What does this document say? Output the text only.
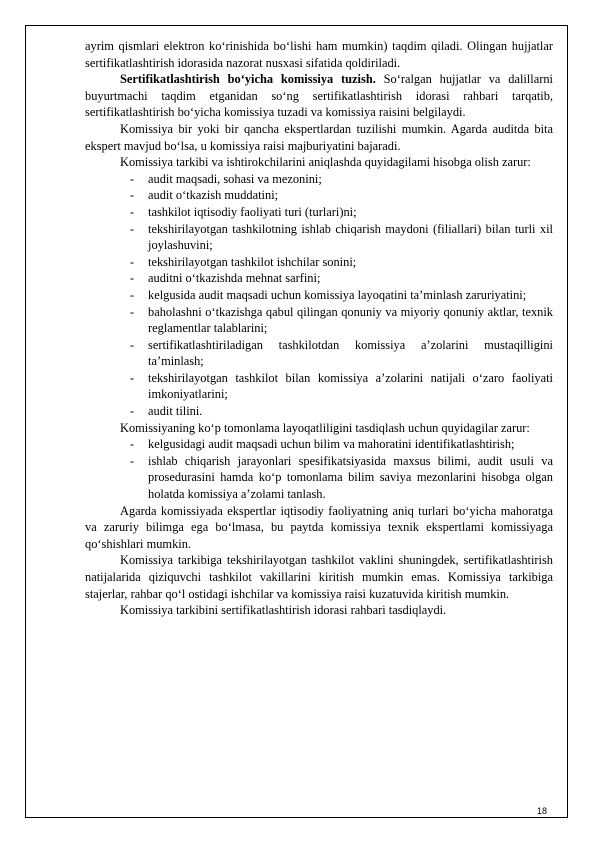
ayrim qismlari elektron ko‘rinishida bo‘lishi ham mumkin) taqdim qiladi. Olingan hujjatlar sertifikatlashtirish idorasida nazorat nusxasi sifatida qoldiriladi.

Sertifikatlashtirish bo‘yicha komissiya tuzish. So‘ralgan hujjatlar va dalillarni buyurtmachi taqdim etganidan so‘ng sertifikatlashtirish idorasi rahbari tarqatib, sertifikatlashtirish bo‘yicha komissiya tuzadi va komissiya raisini belgilaydi.

Komissiya bir yoki bir qancha ekspertlardan tuzilishi mumkin. Agarda auditda bita ekspert mavjud bo‘lsa, u komissiya raisi majburiyatini bajaradi.

Komissiya tarkibi va ishtirokchilarini aniqlashda quyidagilami hisobga olish zarur:

- audit maqsadi, sohasi va mezonini;
- audit o‘tkazish muddatini;
- tashkilot iqtisodiy faoliyati turi (turlari)ni;
- tekshirilayotgan tashkilotning ishlab chiqarish maydoni (filiallari) bilan turli xil joylashuvini;
- tekshirilayotgan tashkilot ishchilar sonini;
- auditni o‘tkazishda mehnat sarfini;
- kelgusida audit maqsadi uchun komissiya layoqatini ta’minlash zaruriyatini;
- baholashni o‘tkazishga qabul qilingan qonuniy va miyoriy qonuniy aktlar, texnik reglamentlar talablarini;
- sertifikatlashtiriladigan tashkilotdan komissiya a’zolarini mustaqilligini ta’minlash;
- tekshirilayotgan tashkilot bilan komissiya a’zolarini natijali o‘zaro faoliyati imkoniyatlarini;
- audit tilini.

Komissiyaning ko‘p tomonlama layoqatliligini tasdiqlash uchun quyidagilar zarur:

- kelgusidagi audit maqsadi uchun bilim va mahoratini identifikatlashtirish;
- ishlab chiqarish jarayonlari spesifikatsiyasida maxsus bilimi, audit usuli va prosedurasini hamda ko‘p tomonlama bilim saviya mezonlarini hisobga olgan holatda komissiya a’zolami tanlash.

Agarda komissiyada ekspertlar iqtisodiy faoliyatning aniq turlari bo‘yicha mahoratga va zaruriy bilimga ega bo‘lmasa, bu paytda komissiya texnik ekspertlami komissiyaga qo‘shishlari mumkin.

Komissiya tarkibiga tekshirilayotgan tashkilot vaklini shuningdek, sertifikatlashtirish natijalarida qiziquvchi tashkilot vakillarini kiritish mumkin emas. Komissiya tarkibiga stajerlar, rahbar qo‘l ostidagi ishchilar va komissiya raisi kuzatuvida kiritish mumkin.

Komissiya tarkibini sertifikatlashtirish idorasi rahbari tasdiqlaydi.

18
